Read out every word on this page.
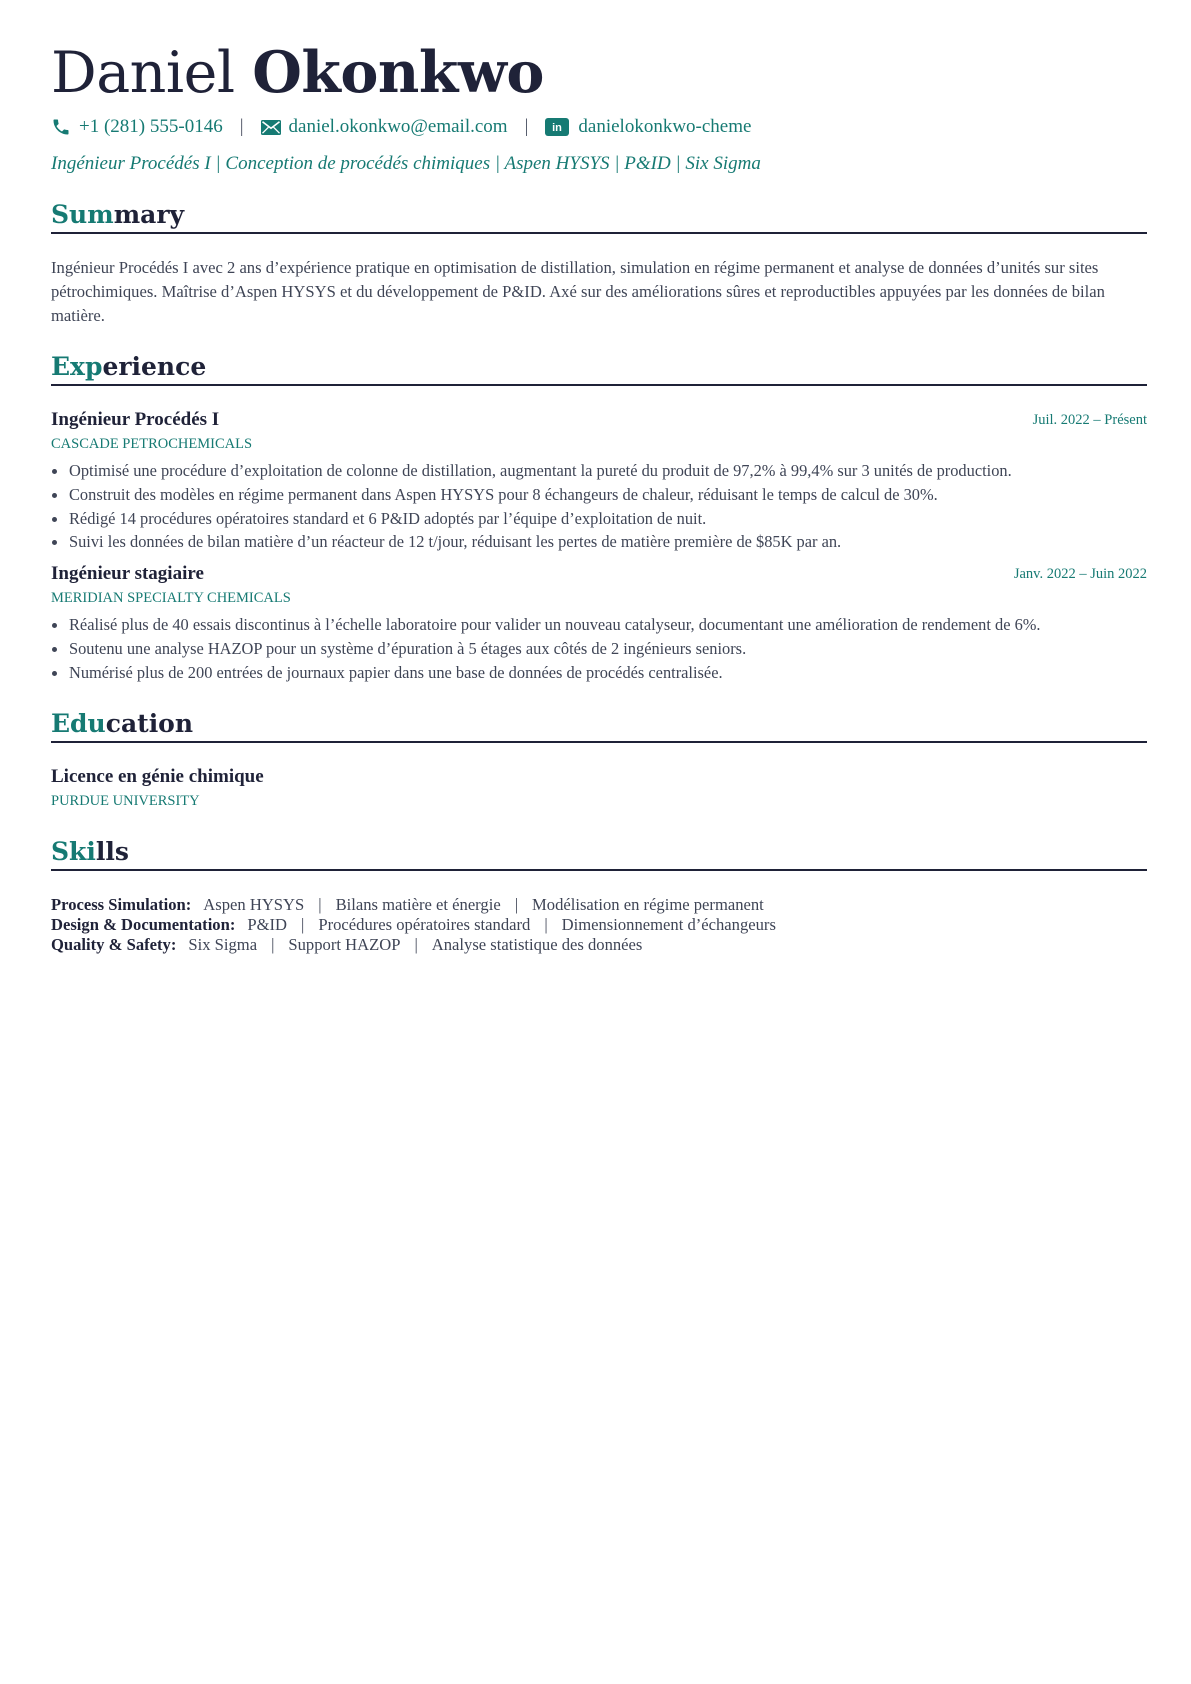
Daniel Okonkwo
+1 (281) 555-0146 | daniel.okonkwo@email.com | in danielokonkwo-cheme
Ingénieur Procédés I | Conception de procédés chimiques | Aspen HYSYS | P&ID | Six Sigma
Summary

Ingénieur Procédés I avec 2 ans d’expérience pratique en optimisation de distillation, simulation en régime permanent et analyse de données d’unités sur sites pétrochimiques. Maîtrise d’Aspen HYSYS et du développement de P&ID. Axé sur des améliorations sûres et reproductibles appuyées par les données de bilan matière.

Experience
Ingénieur Procédés I	Juil. 2022 – Présent
CASCADE PETROCHEMICALS
Optimisé une procédure d’exploitation de colonne de distillation, augmentant la pureté du produit de 97,2% à 99,4% sur 3 unités de production.
Construit des modèles en régime permanent dans Aspen HYSYS pour 8 échangeurs de chaleur, réduisant le temps de calcul de 30%.
Rédigé 14 procédures opératoires standard et 6 P&ID adoptés par l’équipe d’exploitation de nuit.
Suivi les données de bilan matière d’un réacteur de 12 t/jour, réduisant les pertes de matière première de $85K par an.
Ingénieur stagiaire	Janv. 2022 – Juin 2022
MERIDIAN SPECIALTY CHEMICALS
Réalisé plus de 40 essais discontinus à l’échelle laboratoire pour valider un nouveau catalyseur, documentant une amélioration de rendement de 6%.
Soutenu une analyse HAZOP pour un système d’épuration à 5 étages aux côtés de 2 ingénieurs seniors.
Numérisé plus de 200 entrées de journaux papier dans une base de données de procédés centralisée.
Education
Licence en génie chimique
PURDUE UNIVERSITY
Skills
Process Simulation: Aspen HYSYS | Bilans matière et énergie | Modélisation en régime permanent
Design & Documentation: P&ID | Procédures opératoires standard | Dimensionnement d’échangeurs
Quality & Safety: Six Sigma | Support HAZOP | Analyse statistique des données
